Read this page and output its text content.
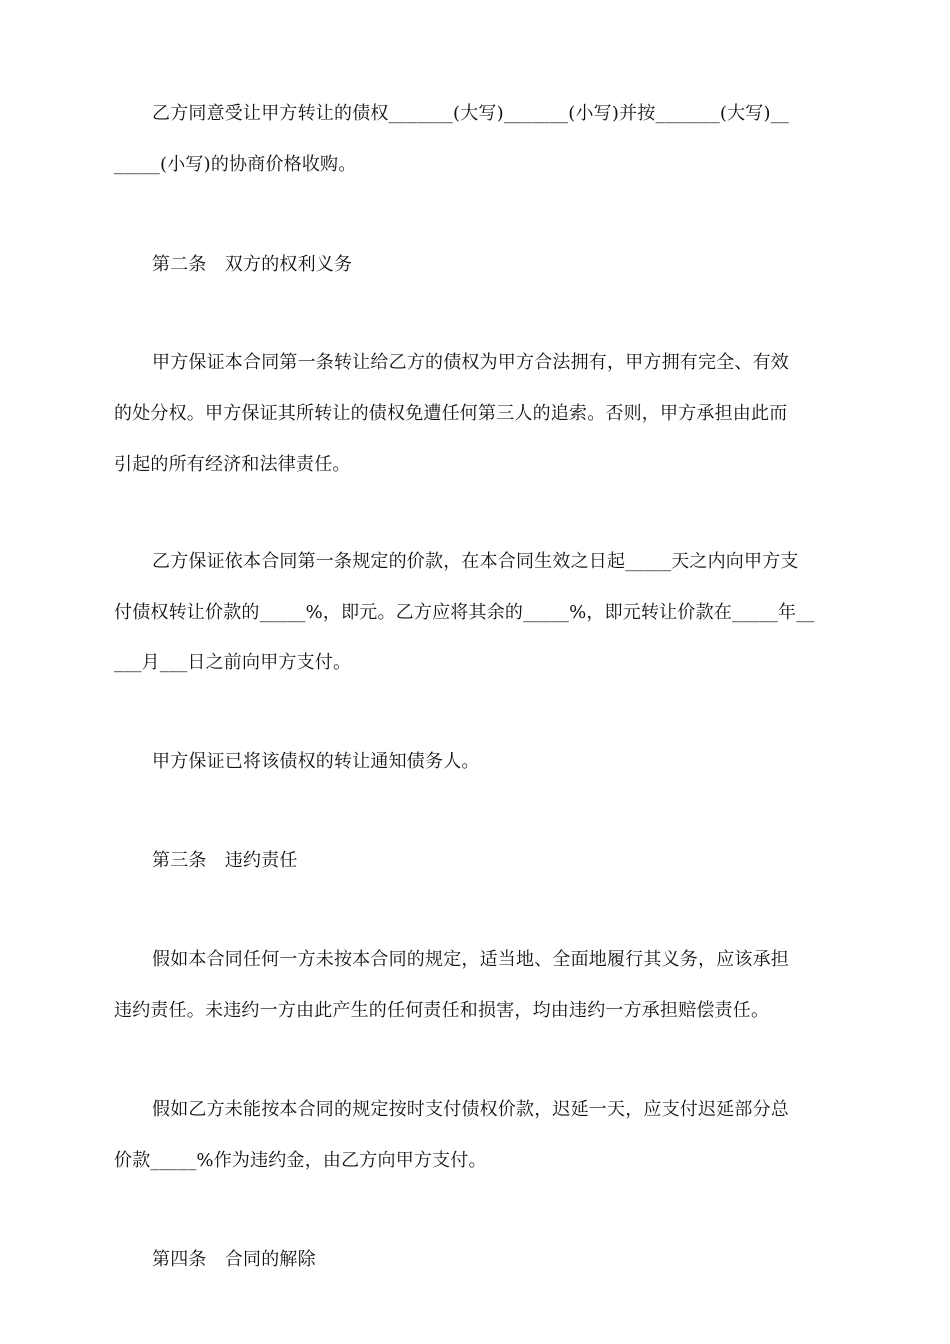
乙方同意受让甲方转让的债权_______(大写)_______(小写)并按_______(大写)__
_____(小写)的协商价格收购。
第二条　双方的权利义务
甲方保证本合同第一条转让给乙方的债权为甲方合法拥有，甲方拥有完全、有效
的处分权。甲方保证其所转让的债权免遭任何第三人的追索。否则，甲方承担由此而
引起的所有经济和法律责任。
乙方保证依本合同第一条规定的价款，在本合同生效之日起_____天之内向甲方支
付债权转让价款的_____%，即元。乙方应将其余的_____%，即元转让价款在_____年__
___月___日之前向甲方支付。
甲方保证已将该债权的转让通知债务人。
第三条　违约责任
假如本合同任何一方未按本合同的规定，适当地、全面地履行其义务，应该承担
违约责任。未违约一方由此产生的任何责任和损害，均由违约一方承担赔偿责任。
假如乙方未能按本合同的规定按时支付债权价款，迟延一天，应支付迟延部分总
价款_____%作为违约金，由乙方向甲方支付。
第四条　合同的解除
